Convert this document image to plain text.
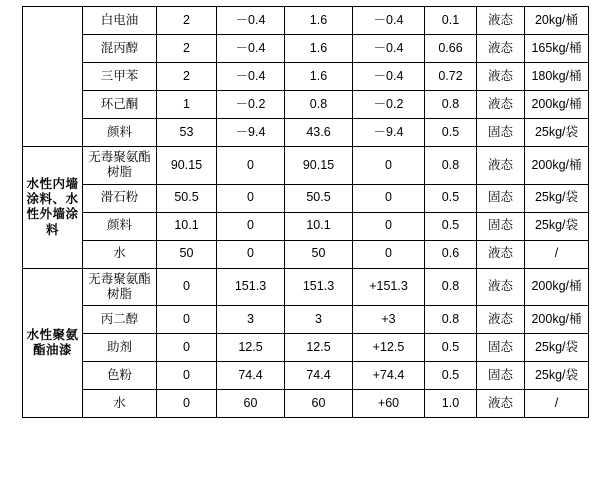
	白电油	2	－0.4	1.6	－0.4	0.1	液态	20kg/桶
	混丙醇	2	－0.4	1.6	－0.4	0.66	液态	165kg/桶
	三甲苯	2	－0.4	1.6	－0.4	0.72	液态	180kg/桶
	环己酮	1	－0.2	0.8	－0.2	0.8	液态	200kg/桶
	颜料	53	－9.4	43.6	－9.4	0.5	固态	25kg/袋
水性内墙涂料、水性外墙涂料	无毒聚氨酯树脂	90.15	0	90.15	0	0.8	液态	200kg/桶
	滑石粉	50.5	0	50.5	0	0.5	固态	25kg/袋
	颜料	10.1	0	10.1	0	0.5	固态	25kg/袋
	水	50	0	50	0	0.6	液态	/
水性聚氨酯油漆	无毒聚氨酯树脂	0	151.3	151.3	+151.3	0.8	液态	200kg/桶
	丙二醇	0	3	3	+3	0.8	液态	200kg/桶
	助剂	0	12.5	12.5	+12.5	0.5	固态	25kg/袋
	色粉	0	74.4	74.4	+74.4	0.5	固态	25kg/袋
	水	0	60	60	+60	1.0	液态	/
